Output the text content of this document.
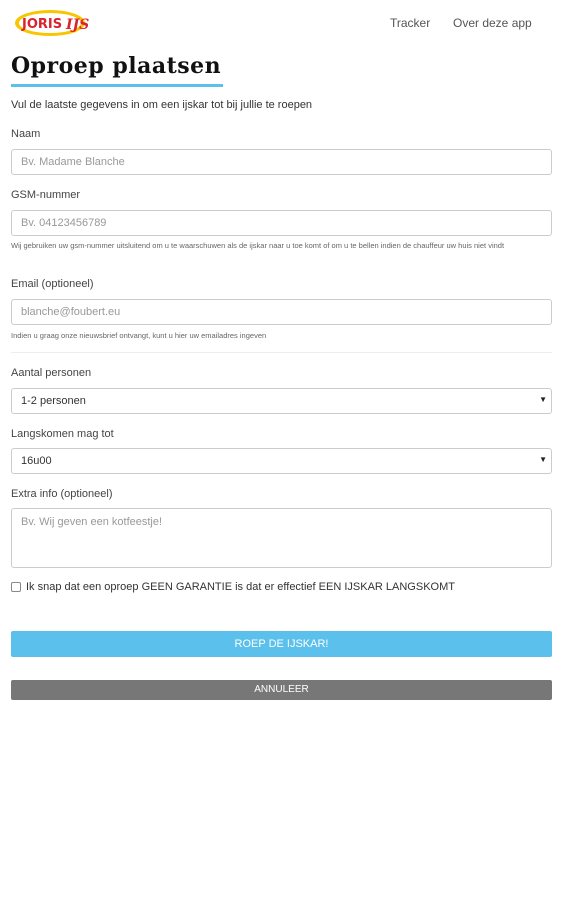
JORIS IJS	Tracker Over deze app
Oproep plaatsen
Vul de laatste gegevens in om een ijskar tot bij jullie te roepen
Naam
Bv. Madame Blanche
GSM-nummer
Bv. 04123456789
Wij gebruiken uw gsm-nummer uitsluitend om u te waarschuwen als de ijskar naar u toe komt of om u te bellen indien de chauffeur uw huis niet vindt
Email (optioneel)
blanche@foubert.eu
Indien u graag onze nieuwsbrief ontvangt, kunt u hier uw emailadres ingeven
Aantal personen
1-2 personen	▼
Langskomen mag tot
16u00	▼
Extra info (optioneel)
Bv. Wij geven een kotfeestje!
Ik snap dat een oproep GEEN GARANTIE is dat er effectief EEN IJSKAR LANGSKOMT
ROEP DE IJSKAR!
ANNULEER
